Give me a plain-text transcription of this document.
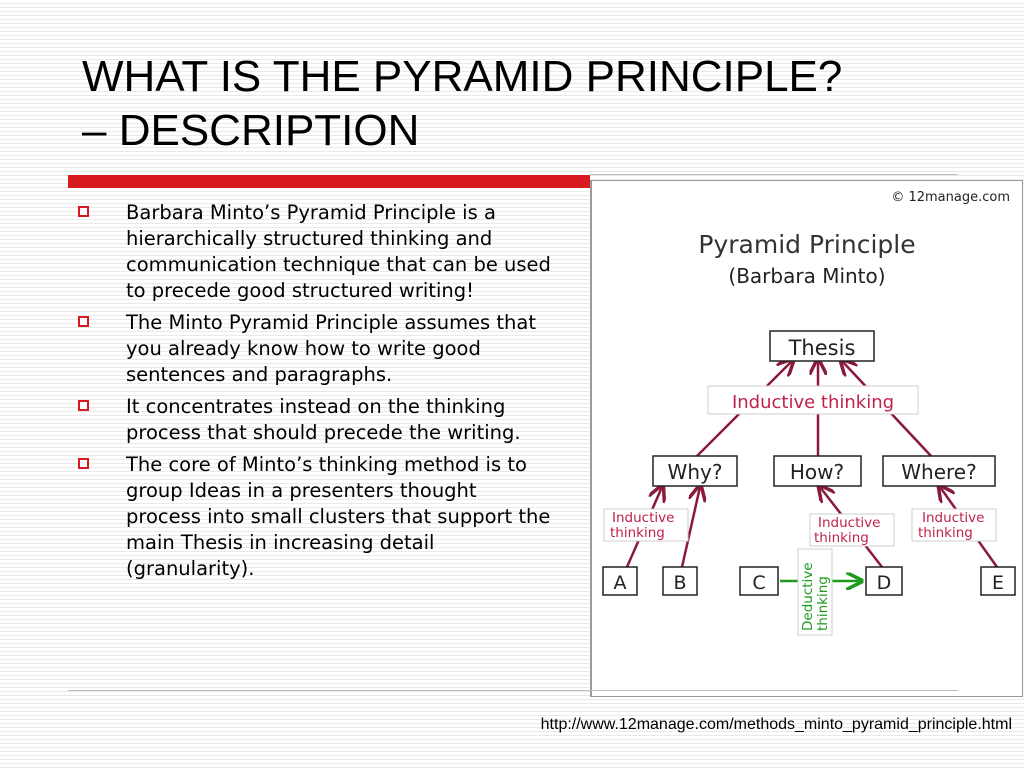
WHAT IS THE PYRAMID PRINCIPLE?
– DESCRIPTION
Barbara Minto’s Pyramid Principle is a hierarchically structured thinking and communication technique that can be used to precede good structured writing!
The Minto Pyramid Principle assumes that you already know how to write good sentences and paragraphs.
It concentrates instead on the thinking process that should precede the writing.
The core of Minto’s thinking method is to group Ideas in a presenters thought process into small clusters that support the main Thesis in increasing detail (granularity).
© 12manage.com
Pyramid Principle
(Barbara Minto)
Thesis
Inductive thinking
Why?	How?	Where?
Inductive
thinking
Inductive
thinking
Inductive
thinking
Deductive thinking
A B	C	D	E
http://www.12manage.com/methods_minto_pyramid_principle.html
